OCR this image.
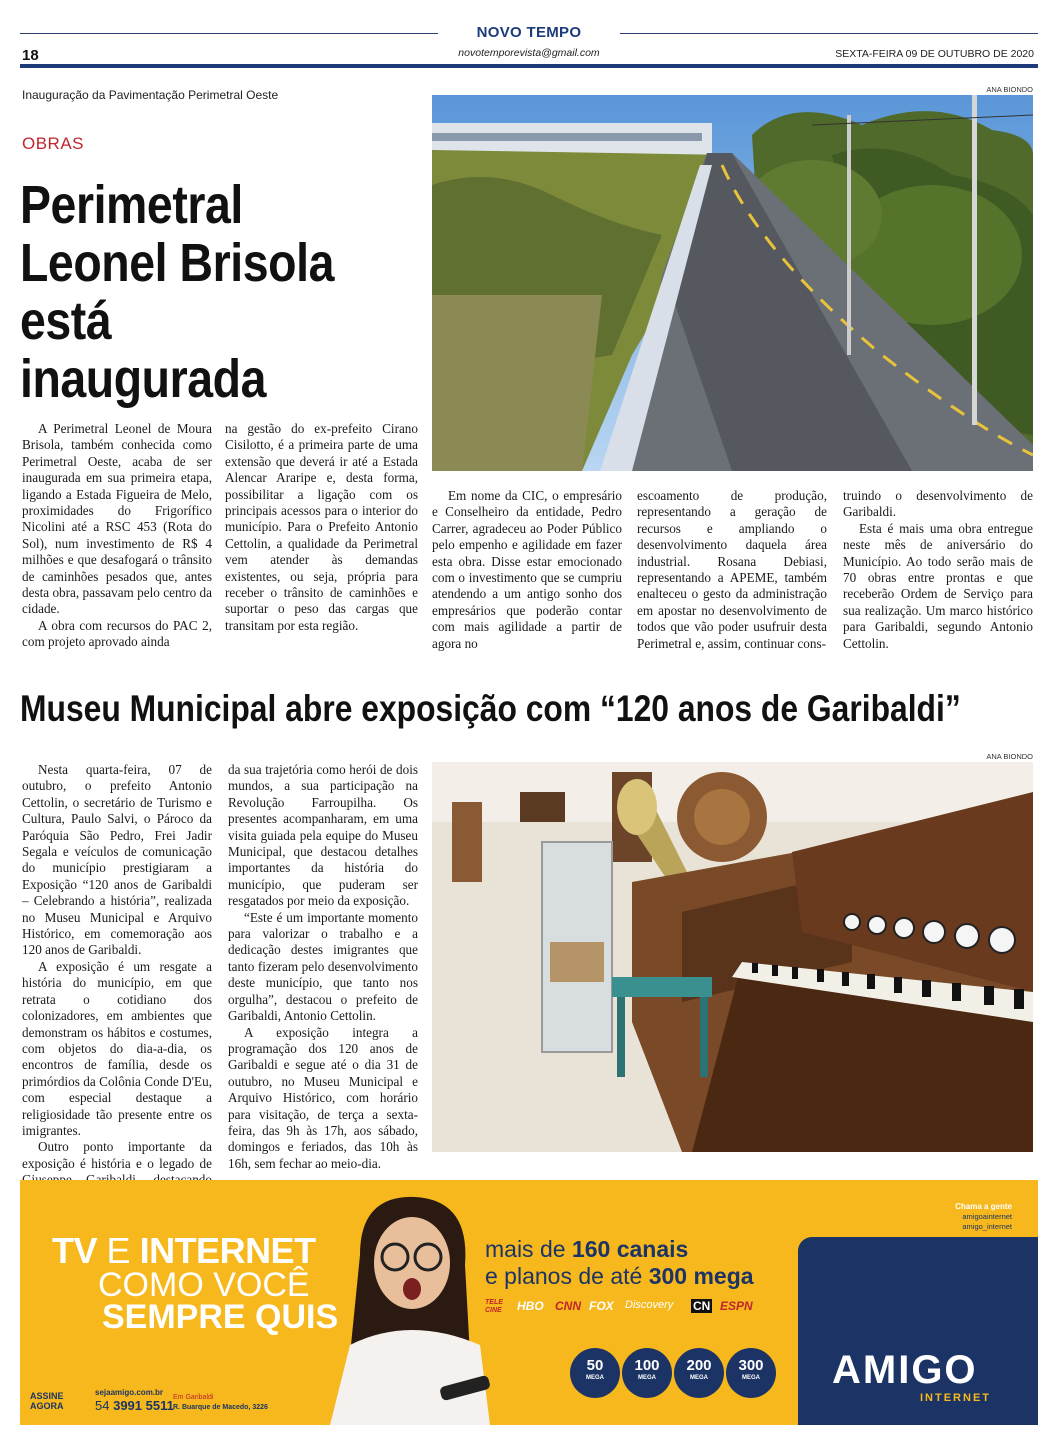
NOVO TEMPO
novotemporevista@gmail.com
18	SEXTA-FEIRA 09 DE OUTUBRO DE 2020
Inauguração da Pavimentação Perimetral Oeste	ANA BIONDO
OBRAS
Perimetral Leonel Brisola está inaugurada

A Perimetral Leonel de Moura Brisola, também conhecida como Perimetral Oeste, acaba de ser inaugurada em sua primeira etapa, ligando a Estada Figueira de Melo, proximidades do Frigorífico Nicolini até a RSC 453 (Rota do Sol), num investimento de R$ 4 milhões e que desafogará o trânsito de caminhões pesados que, antes desta obra, passavam pelo centro da cidade.

A obra com recursos do PAC 2, com projeto aprovado ainda

na gestão do ex-prefeito Cirano Cisilotto, é a primeira parte de uma extensão que deverá ir até a Estada Alencar Araripe e, desta forma, possibilitar a ligação com os principais acessos para o interior do município. Para o Prefeito Antonio Cettolin, a qualidade da Perimetral vem atender às demandas existentes, ou seja, própria para receber o trânsito de caminhões e suportar o peso das cargas que transitam por esta região.

Em nome da CIC, o empresário e Conselheiro da entidade, Pedro Carrer, agradeceu ao Poder Público pelo empenho e agilidade em fazer esta obra. Disse estar emocionado com o investimento que se cumpriu atendendo a um antigo sonho dos empresários que poderão contar com mais agilidade a partir de agora no

escoamento de produção, representando a geração de recursos e ampliando o desenvolvimento daquela área industrial. Rosana Debiasi, representando a APEME, também enalteceu o gesto da administração em apostar no desenvolvimento de todos que vão poder usufruir desta Perimetral e, assim, continuar cons-

truindo o desenvolvimento de Garibaldi.

Esta é mais uma obra entregue neste mês de aniversário do Município. Ao todo serão mais de 70 obras entre prontas e que receberão Ordem de Serviço para sua realização. Um marco histórico para Garibaldi, segundo Antonio Cettolin.

Museu Municipal abre exposição com “120 anos de Garibaldi”
ANA BIONDO

Nesta quarta-feira, 07 de outubro, o prefeito Antonio Cettolin, o secretário de Turismo e Cultura, Paulo Salvi, o Pároco da Paróquia São Pedro, Frei Jadir Segala e veículos de comunicação do município prestigiaram a Exposição “120 anos de Garibaldi – Celebrando a história”, realizada no Museu Municipal e Arquivo Histórico, em comemoração aos 120 anos de Garibaldi.

A exposição é um resgate a história do município, em que retrata o cotidiano dos colonizadores, em ambientes que demonstram os hábitos e costumes, com objetos do dia-a-dia, os encontros de família, desde os primórdios da Colônia Conde D'Eu, com especial destaque a religiosidade tão presente entre os imigrantes.

Outro ponto importante da exposição é história e o legado de

da sua trajetória como herói de dois mundos, a sua participação na Revolução Farroupilha. Os presentes acompanharam, em uma visita guiada pela equipe do Museu Municipal, que destacou detalhes importantes da história do município, que puderam ser resgatados por meio da exposição.

“Este é um importante momento para valorizar o trabalho e a dedicação destes imigrantes que tanto fizeram pelo desenvolvimento deste município, que tanto nos orgulha”, destacou o prefeito de Garibaldi, Antonio Cettolin.

A exposição integra a programação dos 120 anos de Garibaldi e segue até o dia 31 de outubro, no Museu Municipal e Arquivo Histórico, com horário para visitação, de terça a sexta-feira, das 9h às 17h, aos sábado, domingos e feriados, das 10h às 16h, sem fechar ao meio-dia.

TV E INTERNET
COMO VOCÊ
SEMPRE QUIS
mais de 160 canais
e planos de até 300 mega
TELE CINE	HBO CNN FOX Discovery CN ESPN
50
MEGA
100
MEGA
200
MEGA
300
MEGA
ASSINE
AGORA
sejaamigo.com.br
54 3991 5511
Em Garibaldi
R. Buarque de Macedo, 3226
Chama a gente
amigoainternet
amigo_internet
AMIGO
INTERNET
